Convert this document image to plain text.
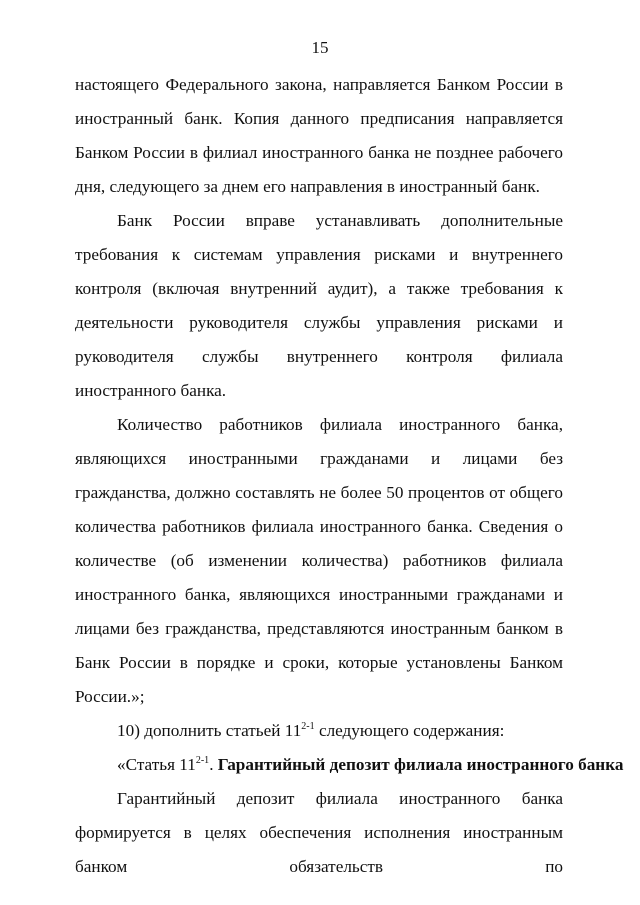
15

настоящего Федерального закона, направляется Банком России в иностранный банк. Копия данного предписания направляется Банком России в филиал иностранного банка не позднее рабочего дня, следующего за днем его направления в иностранный банк.

Банк России вправе устанавливать дополнительные требования к системам управления рисками и внутреннего контроля (включая внутренний аудит), а также требования к деятельности руководителя службы управления рисками и руководителя службы внутреннего контроля филиала иностранного банка.

Количество работников филиала иностранного банка, являющихся иностранными гражданами и лицами без гражданства, должно составлять не более 50 процентов от общего количества работников филиала иностранного банка. Сведения о количестве (об изменении количества) работников филиала иностранного банка, являющихся иностранными гражданами и лицами без гражданства, представляются иностранным банком в Банк России в порядке и сроки, которые установлены Банком России.»;

10) дополнить статьей 11$^{2-1}$ следующего содержания:

«Статья 11$^{2-1}$. Гарантийный депозит филиала иностранного банка

Гарантийный депозит филиала иностранного банка формируется в целях обеспечения исполнения иностранным банком обязательств по
